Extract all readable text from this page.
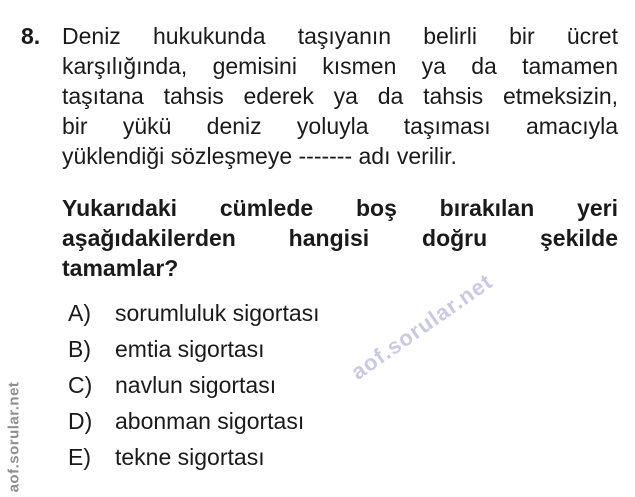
aof.sorular.net
aof.sorular.net
8. Deniz hukukunda taşıyanın belirli bir ücret
karşılığında, gemisini kısmen ya da tamamen
taşıtana tahsis ederek ya da tahsis etmeksizin,
bir yükü deniz yoluyla taşıması amacıyla
yüklendiği sözleşmeye ------- adı verilir.
Yukarıdaki cümlede boş bırakılan yeri
aşağıdakilerden hangisi doğru şekilde
tamamlar?
A)	sorumluluk sigortası
B)	emtia sigortası
C) navlun sigortası
D) abonman sigortası
E)	tekne sigortası
